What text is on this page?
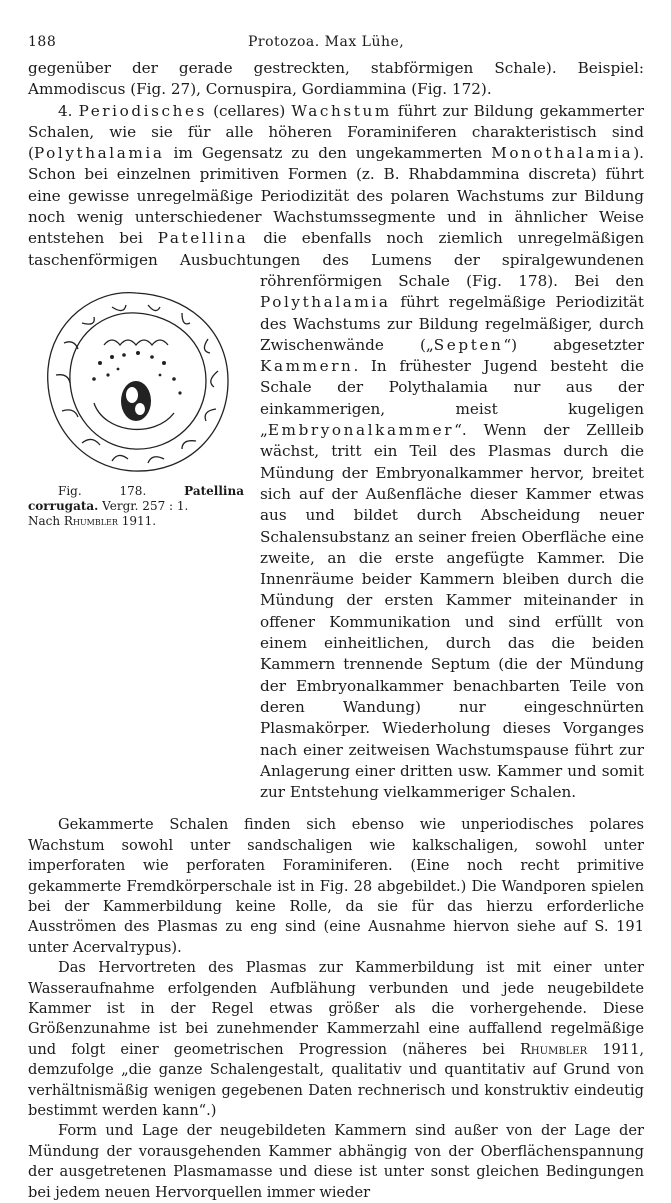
188	Protozoa. Max Lühe,

gegenüber der gerade gestreckten, stabförmigen Schale). Beispiel: Ammodiscus (Fig. 27), Cornuspira, Gordiammina (Fig. 172).

4. Periodisches (cellares) Wachstum führt zur Bildung gekammerter Schalen, wie sie für alle höheren Foraminiferen charakteristisch sind (Polythalamia im Gegensatz zu den ungekammerten Monothalamia). Schon bei einzelnen primitiven Formen (z. B. Rhabdammina discreta) führt eine gewisse unregelmäßige Periodizität des polaren Wachstums zur Bildung noch wenig unterschiedener Wachstumssegmente und in ähnlicher Weise entstehen bei Patellina die ebenfalls noch ziemlich unregelmäßigen taschenförmigen Ausbuchtungen des Lumens der spiralgewundenen röhrenförmigen Schale (Fig. 178). Bei den
Fig. 178.	Patellina corrugata. Vergr. 257 : 1.
Nach Rhumbler 1911.
Polythalamia führt regelmäßige Periodizität des Wachstums zur Bildung regelmäßiger, durch Zwischenwände („Septen“) abgesetzter Kammern. In frühester Jugend besteht die Schale der Polythalamia nur aus der einkammerigen, meist kugeligen „Embryonalkammer“. Wenn der Zellleib wächst, tritt ein Teil des Plasmas durch die Mündung der Embryonalkammer hervor, breitet sich auf der Außenfläche dieser Kammer etwas aus und bildet durch Abscheidung neuer Schalensubstanz an seiner freien Oberfläche eine zweite, an die erste angefügte Kammer. Die Innenräume beider Kammern bleiben durch die Mündung der ersten Kammer miteinander in offener Kommunikation und sind erfüllt von einem einheitlichen, durch das die beiden Kammern trennende Septum (die der Mündung der Embryonalkammer benachbarten Teile von deren Wandung) nur eingeschnürten Plasmakörper. Wiederholung dieses Vorganges nach einer zeitweisen Wachstumspause führt zur Anlagerung einer dritten usw. Kammer und somit zur Entstehung vielkammeriger Schalen.

Gekammerte Schalen finden sich ebenso wie unperiodisches polares Wachstum sowohl unter sandschaligen wie kalkschaligen, sowohl unter imperforaten wie perforaten Foraminiferen. (Eine noch recht primitive gekammerte Fremdkörperschale ist in Fig. 28 abgebildet.) Die Wandporen spielen bei der Kammerbildung keine Rolle, da sie für das hierzu erforderliche Ausströmen des Plasmas zu eng sind (eine Ausnahme hiervon siehe auf S. 191 unter Acervalтypus).

Das Hervortreten des Plasmas zur Kammerbildung ist mit einer unter Wasseraufnahme erfolgenden Aufblähung verbunden und jede neugebildete Kammer ist in der Regel etwas größer als die vorhergehende. Diese Größenzunahme ist bei zunehmender Kammerzahl eine auffallend regelmäßige und folgt einer geometrischen Progression (näheres bei Rhumbler 1911, demzufolge „die ganze Schalengestalt, qualitativ und quantitativ auf Grund von verhältnismäßig wenigen gegebenen Daten rechnerisch und konstruktiv eindeutig bestimmt werden kann“.)

Form und Lage der neugebildeten Kammern sind außer von der Lage der Mündung der vorausgehenden Kammer abhängig von der Oberflächenspannung der ausgetretenen Plasmamasse und diese ist unter sonst gleichen Bedingungen bei jedem neuen Hervorquellen immer wieder
